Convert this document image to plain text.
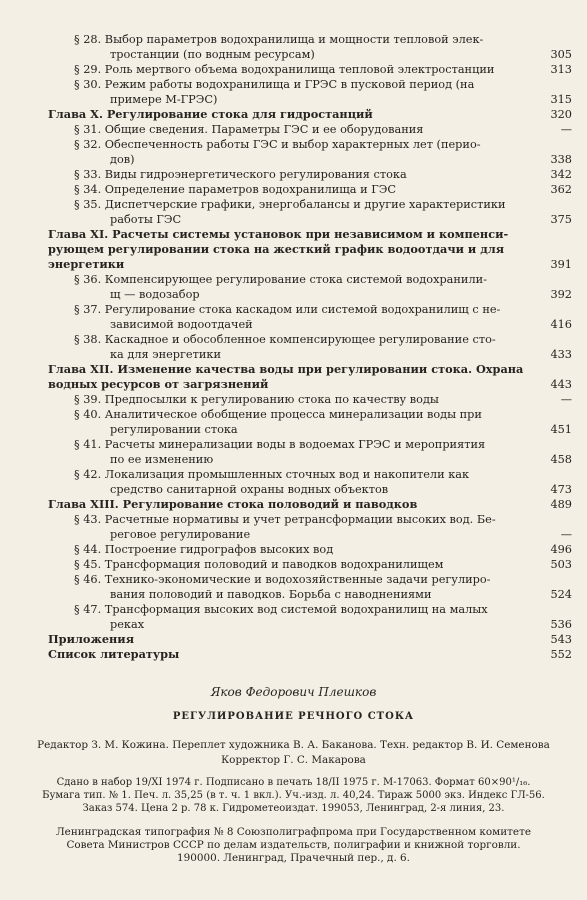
§ 28. Выбор параметров водохранилища и мощности тепловой элек-
тростанции (по водным ресурсам)	305
§ 29. Роль мертвого объема водохранилища тепловой электростанции	313
§ 30. Режим работы водохранилища и ГРЭС в пусковой период (на
примере М-ГРЭС)	315
Глава X. Регулирование стока для гидростанций	320
§ 31. Общие сведения. Параметры ГЭС и ее оборудования	—
§ 32. Обеспеченность работы ГЭС и выбор характерных лет (перио-
дов)	338
§ 33. Виды гидроэнергетического регулирования стока	342
§ 34. Определение параметров водохранилища и ГЭС	362
§ 35. Диспетчерские графики, энергобалансы и другие характеристики
работы ГЭС	375
Глава XI. Расчеты системы установок при независимом и компенси-
рующем регулировании стока на жесткий график водоотдачи и для
энергетики	391
§ 36. Компенсирующее регулирование стока системой водохранили-
щ — водозабор	392
§ 37. Регулирование стока каскадом или системой водохранилищ с не-
зависимой водоотдачей	416
§ 38. Каскадное и обособленное компенсирующее регулирование сто-
ка для энергетики	433
Глава XII. Изменение качества воды при регулировании стока. Охрана
водных ресурсов от загрязнений	443
§ 39. Предпосылки к регулированию стока по качеству воды	—
§ 40. Аналитическое обобщение процесса минерализации воды при
регулировании стока	451
§ 41. Расчеты минерализации воды в водоемах ГРЭС и мероприятия
по ее изменению	458
§ 42. Локализация промышленных сточных вод и накопители как
средство санитарной охраны водных объектов	473
Глава XIII. Регулирование стока половодий и паводков	489
§ 43. Расчетные нормативы и учет ретрансформации высоких вод. Бе-
реговое регулирование	—
§ 44. Построение гидрографов высоких вод	496
§ 45. Трансформация половодий и паводков водохранилищем	503
§ 46. Технико-экономические и водохозяйственные задачи регулиро-
вания половодий и паводков. Борьба с наводнениями	524
§ 47. Трансформация высоких вод системой водохранилищ на малых
реках	536
Приложения	543
Список литературы	552
Яков Федорович Плешков
РЕГУЛИРОВАНИЕ РЕЧНОГО СТОКА
Редактор З. М. Кожина. Переплет художника В. А. Баканова. Техн. редактор В. И. Семенова
Корректор Г. С. Макарова
Сдано в набор 19/XI 1974 г. Подписано в печать 18/II 1975 г. М-17063. Формат 60×90¹/₁₆.
Бумага тип. № 1. Печ. л. 35,25 (в т. ч. 1 вкл.). Уч.-изд. л. 40,24. Тираж 5000 экз. Индекс ГЛ-56.
Заказ 574. Цена 2 р. 78 к. Гидрометеоиздат. 199053, Ленинград, 2-я линия, 23.
Ленинградская типография № 8 Союзполиграфпрома при Государственном комитете
Совета Министров СССР по делам издательств, полиграфии и книжной торговли.
190000. Ленинград, Прачечный пер., д. 6.
